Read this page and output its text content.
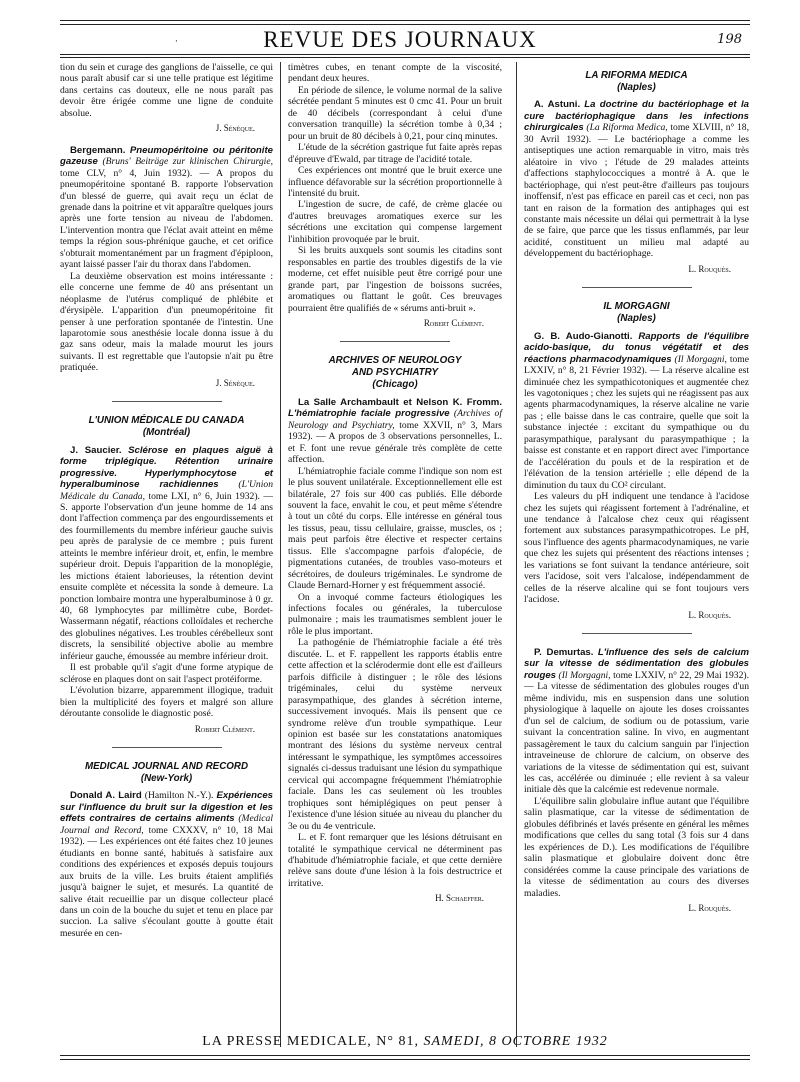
·	REVUE DES JOURNAUX	198

tion du sein et curage des ganglions de l'aisselle, ce qui nous paraît abusif car si une telle pratique est légitime dans certains cas douteux, elle ne nous paraît pas devoir être érigée comme une ligne de conduite absolue.

J. Sénèque.

Bergemann. Pneumopéritoine ou péritonite gazeuse (Bruns' Beiträge zur klinischen Chirurgie, tome CLV, n° 4, Juin 1932). — A propos du pneumopéritoine spontané B. rapporte l'observation d'un blessé de guerre, qui avait reçu un éclat de grenade dans la poitrine et vit apparaître quelques jours après une forte tension au niveau de l'abdomen. L'intervention montra que l'éclat avait atteint en même temps la région sous-phrénique gauche, et cet orifice s'obturait momentanément par un fragment d'épiploon, ayant laissé passer l'air du thorax dans l'abdomen.

La deuxième observation est moins intéressante : elle concerne une femme de 40 ans présentant un néoplasme de l'utérus compliqué de phlébite et d'érysipèle. L'apparition d'un pneumopéritoine fit penser à une perforation spontanée de l'intestin. Une laparotomie sous anesthésie locale donna issue à du gaz sans odeur, mais la malade mourut les jours suivants. Il est regrettable que l'autopsie n'ait pu être pratiquée.

J. Sénèque.
L'UNION MÉDICALE DU CANADA
(Montréal)

J. Saucier. Sclérose en plaques aiguë à forme triplégique. Rétention urinaire progressive. Hyperlymphocytose et hyperalbuminose rachidiennes (L'Union Médicale du Canada, tome LXI, n° 6, Juin 1932). — S. apporte l'observation d'un jeune homme de 14 ans dont l'affection commença par des engourdissements et des fourmillements du membre inférieur gauche suivis peu après de paralysie de ce membre ; puis furent atteints le membre inférieur droit, et, enfin, le membre supérieur droit. Depuis l'apparition de la monoplégie, les mictions étaient laborieuses, la rétention devint ensuite complète et nécessita la sonde à demeure. La ponction lombaire montra une hyperalbuminose à 0 gr. 40, 68 lymphocytes par millimètre cube, Bordet-Wassermann négatif, réactions colloïdales et recherche des globulines négatives. Les troubles cérébelleux sont discrets, la sensibilité objective abolie au membre inférieur gauche, émoussée au membre inférieur droit.

Il est probable qu'il s'agit d'une forme atypique de sclérose en plaques dont on sait l'aspect protéiforme.

L'évolution bizarre, apparemment illogique, traduit bien la multiplicité des foyers et malgré son allure déroutante consolide le diagnostic posé.

Robert Clément.
MEDICAL JOURNAL AND RECORD
(New-York)

Donald A. Laird (Hamilton N.-Y.). Expériences sur l'influence du bruit sur la digestion et les effets contraires de certains aliments (Medical Journal and Record, tome CXXXV, n° 10, 18 Mai 1932). — Les expériences ont été faites chez 10 jeunes étudiants en bonne santé, habitués à satisfaire aux conditions des expériences et exposés depuis toujours aux bruits de la ville. Les bruits étaient amplifiés jusqu'à baigner le sujet, et mesurés. La quantité de salive était recueillie par un disque collecteur placé dans un coin de la bouche du sujet et tenu en place par succion. La salive s'écoulant goutte à goutte était mesurée en cen-

timètres cubes, en tenant compte de la viscosité, pendant deux heures.

En période de silence, le volume normal de la salive sécrétée pendant 5 minutes est 0 cmc 41. Pour un bruit de 40 décibels (correspondant à celui d'une conversation tranquille) la sécrétion tombe à 0,34 ; pour un bruit de 80 décibels à 0,21, pour cinq minutes.

L'étude de la sécrétion gastrique fut faite après repas d'épreuve d'Ewald, par titrage de l'acidité totale.

Ces expériences ont montré que le bruit exerce une influence défavorable sur la sécrétion proportionnelle à l'intensité du bruit.

L'ingestion de sucre, de café, de crème glacée ou d'autres breuvages aromatiques exerce sur les sécrétions une excitation qui compense largement l'inhibition provoquée par le bruit.

Si les bruits auxquels sont soumis les citadins sont responsables en partie des troubles digestifs de la vie moderne, cet effet nuisible peut être corrigé pour une grande part, par l'ingestion de boissons sucrées, aromatiques ou flattant le goût. Ces breuvages pourraient être qualifiés de « sérums anti-bruit ».

Robert Clément.
ARCHIVES OF NEUROLOGY
AND PSYCHIATRY
(Chicago)

La Salle Archambault et Nelson K. Fromm. L'hémiatrophie faciale progressive (Archives of Neurology and Psychiatry, tome XXVII, n° 3, Mars 1932). — A propos de 3 observations personnelles, L. et F. font une revue générale très complète de cette affection.

L'hémiatrophie faciale comme l'indique son nom est le plus souvent unilatérale. Exceptionnellement elle est bilatérale, 27 fois sur 400 cas publiés. Elle déborde souvent la face, envahit le cou, et peut même s'étendre à tout un côté du corps. Elle intéresse en général tous les tissus, peau, tissu cellulaire, graisse, muscles, os ; mais peut parfois être élective et respecter certains tissus. Elle s'accompagne parfois d'alopécie, de pigmentations cutanées, de troubles vaso-moteurs et sécrétoires, de douleurs trigéminales. Le syndrome de Claude Bernard-Horner y est fréquemment associé.

On a invoqué comme facteurs étiologiques les infections focales ou générales, la tuberculose pulmonaire ; mais les traumatismes semblent jouer le rôle le plus important.

La pathogénie de l'hémiatrophie faciale a été très discutée. L. et F. rappellent les rapports établis entre cette affection et la sclérodermie dont elle est d'ailleurs parfois difficile à distinguer ; le rôle des lésions trigéminales, celui du système nerveux parasympathique, des glandes à sécrétion interne, successivement invoqués. Mais ils pensent que ce syndrome relève d'un trouble sympathique. Leur opinion est basée sur les constatations anatomiques montrant des lésions du système nerveux central intéressant le sympathique, les symptômes accessoires signalés ci-dessus traduisant une lésion du sympathique cervical qui accompagne fréquemment l'hémiatrophie faciale. Dans les cas seulement où les troubles trophiques sont hémiplégiques on peut penser à l'existence d'une lésion située au niveau du plancher du 3e ou du 4e ventricule.

L. et F. font remarquer que les lésions détruisant en totalité le sympathique cervical ne déterminent pas d'habitude d'hémiatrophie faciale, et que cette dernière relève sans doute d'une lésion à la fois destructrice et irritative.

H. Schaeffer.
LA RIFORMA MEDICA
(Naples)

A. Astuni. La doctrine du bactériophage et la cure bactériophagique dans les infections chirurgicales (La Riforma Medica, tome XLVIII, n° 18, 30 Avril 1932). — Le bactériophage a comme les antiseptiques une action remarquable in vitro, mais très aléatoire in vivo ; l'étude de 29 malades atteints d'affections staphylococciques a montré à A. que le bactériophage, qui n'est peut-être d'ailleurs pas toujours inoffensif, n'est pas efficace en pareil cas et ceci, non pas tant en raison de la formation des antiphages qui est constante mais nécessite un délai qui permettrait à la lyse de se faire, que parce que les tissus enflammés, par leur acidité, constituent un milieu mal adapté au développement du bactériophage.

L. Rouquès.
IL MORGAGNI
(Naples)

G. B. Audo-Gianotti. Rapports de l'équilibre acido-basique, du tonus végétatif et des réactions pharmacodynamiques (Il Morgagni, tome LXXIV, n° 8, 21 Février 1932). — La réserve alcaline est diminuée chez les sympathicotoniques et augmentée chez les vagotoniques ; chez les sujets qui ne réagissent pas aux agents pharmacodynamiques, la réserve alcaline ne varie pas ; elle baisse dans le cas contraire, quelle que soit la substance injectée : excitant du sympathique ou du parasympathique, paralysant du parasympathique ; la baisse est constante et en rapport direct avec l'importance de l'accélération du pouls et de la respiration et de l'élévation de la tension artérielle ; elle dépend de la diminution du taux du CO² circulant.

Les valeurs du pH indiquent une tendance à l'acidose chez les sujets qui réagissent fortement à l'adrénaline, et une tendance à l'alcalose chez ceux qui réagissent fortement aux substances parasympathicotropes. Le pH, sous l'influence des agents pharmacodynamiques, ne varie que chez les sujets qui présentent des réactions intenses ; les variations se font suivant la tendance antérieure, soit vers l'acidose, soit vers l'alcalose, indépendamment de celles de la réserve alcaline qui se font toujours vers l'acidose.

L. Rouquès.

P. Demurtas. L'influence des sels de calcium sur la vitesse de sédimentation des globules rouges (Il Morgagni, tome LXXIV, n° 22, 29 Mai 1932). — La vitesse de sédimentation des globules rouges d'un même individu, mis en suspension dans une solution physiologique à laquelle on ajoute les doses croissantes d'un sel de calcium, de sodium ou de potassium, varie suivant la concentration saline. In vivo, en augmentant passagèrement le taux du calcium sanguin par l'injection intraveineuse de chlorure de calcium, on observe des variations de la vitesse de sédimentation qui est, suivant les cas, accélérée ou diminuée ; elle revient à sa valeur initiale dès que la calcémie est redevenue normale.

L'équilibre salin globulaire influe autant que l'équilibre salin plasmatique, car la vitesse de sédimentation de globules défibrinés et lavés présente en général les mêmes modifications que celles du sang total (3 fois sur 4 dans les expériences de D.). Les modifications de l'équilibre salin plasmatique et globulaire doivent donc être considérées comme la cause principale des variations de la vitesse de sédimentation au cours des diverses maladies.

L. Rouquès.
LA PRESSE MEDICALE, N° 81, SAMEDI, 8 OCTOBRE 1932
